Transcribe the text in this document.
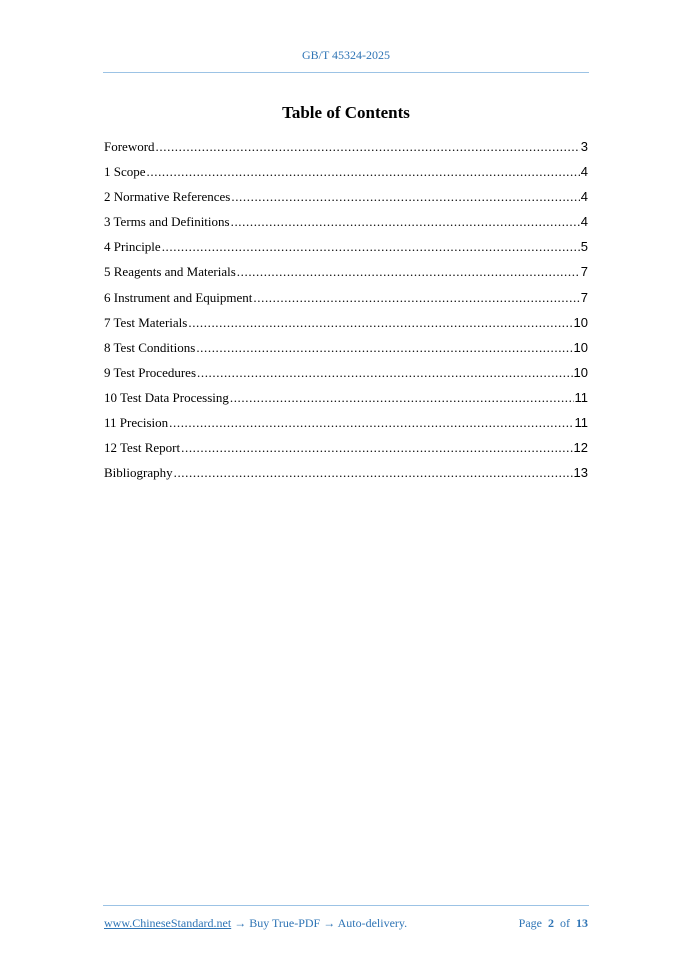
GB/T 45324-2025
Table of Contents
Foreword .....	3
1 Scope .....	4
2 Normative References .....	4
3 Terms and Definitions .....	4
4 Principle .....	5
5 Reagents and Materials .....	7
6 Instrument and Equipment .....	7
7 Test Materials .....	10
8 Test Conditions .....	10
9 Test Procedures .....	10
10 Test Data Processing .....	11
11 Precision .....	11
12 Test Report .....	12
Bibliography .....	13
www.ChineseStandard.net → Buy True-PDF → Auto-delivery.	Page 2 of 13
